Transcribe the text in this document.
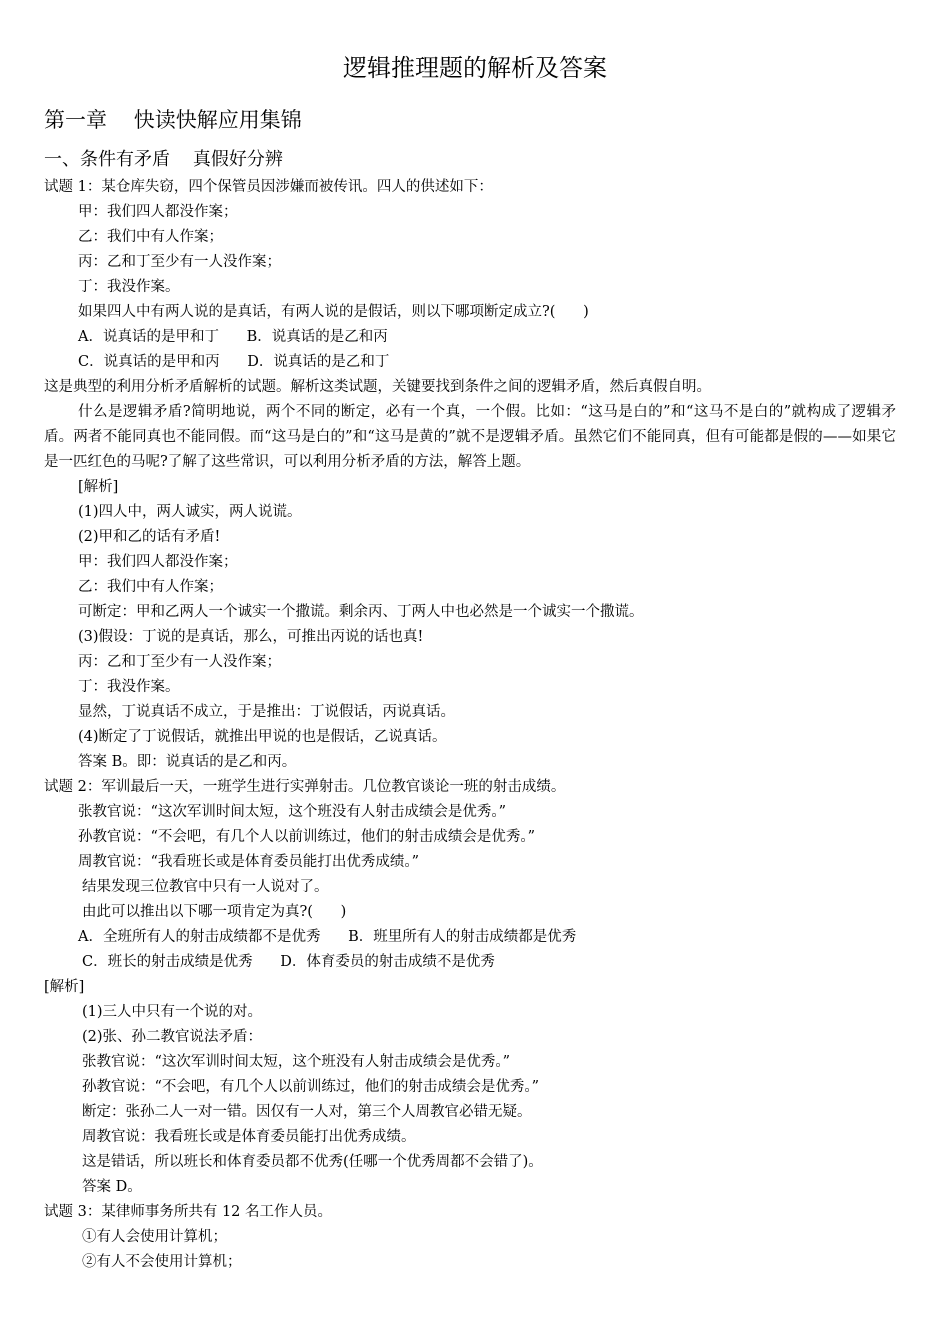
逻辑推理题的解析及答案
第一章    快读快解应用集锦
一、条件有矛盾    真假好分辨
试题 1：某仓库失窃，四个保管员因涉嫌而被传讯。四人的供述如下：
甲：我们四人都没作案；
乙：我们中有人作案；
丙：乙和丁至少有一人没作案；
丁：我没作案。
如果四人中有两人说的是真话，有两人说的是假话，则以下哪项断定成立?(      )
A．说真话的是甲和丁      B．说真话的是乙和丙
C．说真话的是甲和丙      D．说真话的是乙和丁
这是典型的利用分析矛盾解析的试题。解析这类试题，关键要找到条件之间的逻辑矛盾，然后真假自明。
什么是逻辑矛盾?简明地说，两个不同的断定，必有一个真，一个假。比如：“这马是白的”和“这马不是白的”就构成了逻辑矛盾。两者不能同真也不能同假。而“这马是白的”和“这马是黄的”就不是逻辑矛盾。虽然它们不能同真，但有可能都是假的——如果它是一匹红色的马呢?了解了这些常识，可以利用分析矛盾的方法，解答上题。
[解析]
(1)四人中，两人诚实，两人说谎。
(2)甲和乙的话有矛盾!
甲：我们四人都没作案；
乙：我们中有人作案；
可断定：甲和乙两人一个诚实一个撒谎。剩余丙、丁两人中也必然是一个诚实一个撒谎。
(3)假设：丁说的是真话，那么，可推出丙说的话也真!
丙：乙和丁至少有一人没作案；
丁：我没作案。
显然，丁说真话不成立，于是推出：丁说假话，丙说真话。
(4)断定了丁说假话，就推出甲说的也是假话，乙说真话。
答案 B。即：说真话的是乙和丙。
试题 2：军训最后一天，一班学生进行实弹射击。几位教官谈论一班的射击成绩。
张教官说：“这次军训时间太短，这个班没有人射击成绩会是优秀。”
孙教官说：“不会吧，有几个人以前训练过，他们的射击成绩会是优秀。”
周教官说：“我看班长或是体育委员能打出优秀成绩。”
结果发现三位教官中只有一人说对了。
由此可以推出以下哪一项肯定为真?(      )
A．全班所有人的射击成绩都不是优秀      B．班里所有人的射击成绩都是优秀
C．班长的射击成绩是优秀      D．体育委员的射击成绩不是优秀
[解析]
(1)三人中只有一个说的对。
(2)张、孙二教官说法矛盾：
张教官说：“这次军训时间太短，这个班没有人射击成绩会是优秀。”
孙教官说：“不会吧，有几个人以前训练过，他们的射击成绩会是优秀。”
断定：张孙二人一对一错。因仅有一人对，第三个人周教官必错无疑。
周教官说：我看班长或是体育委员能打出优秀成绩。
这是错话，所以班长和体育委员都不优秀(任哪一个优秀周都不会错了)。
答案 D。
试题 3：某律师事务所共有 12 名工作人员。
①有人会使用计算机；
②有人不会使用计算机；
